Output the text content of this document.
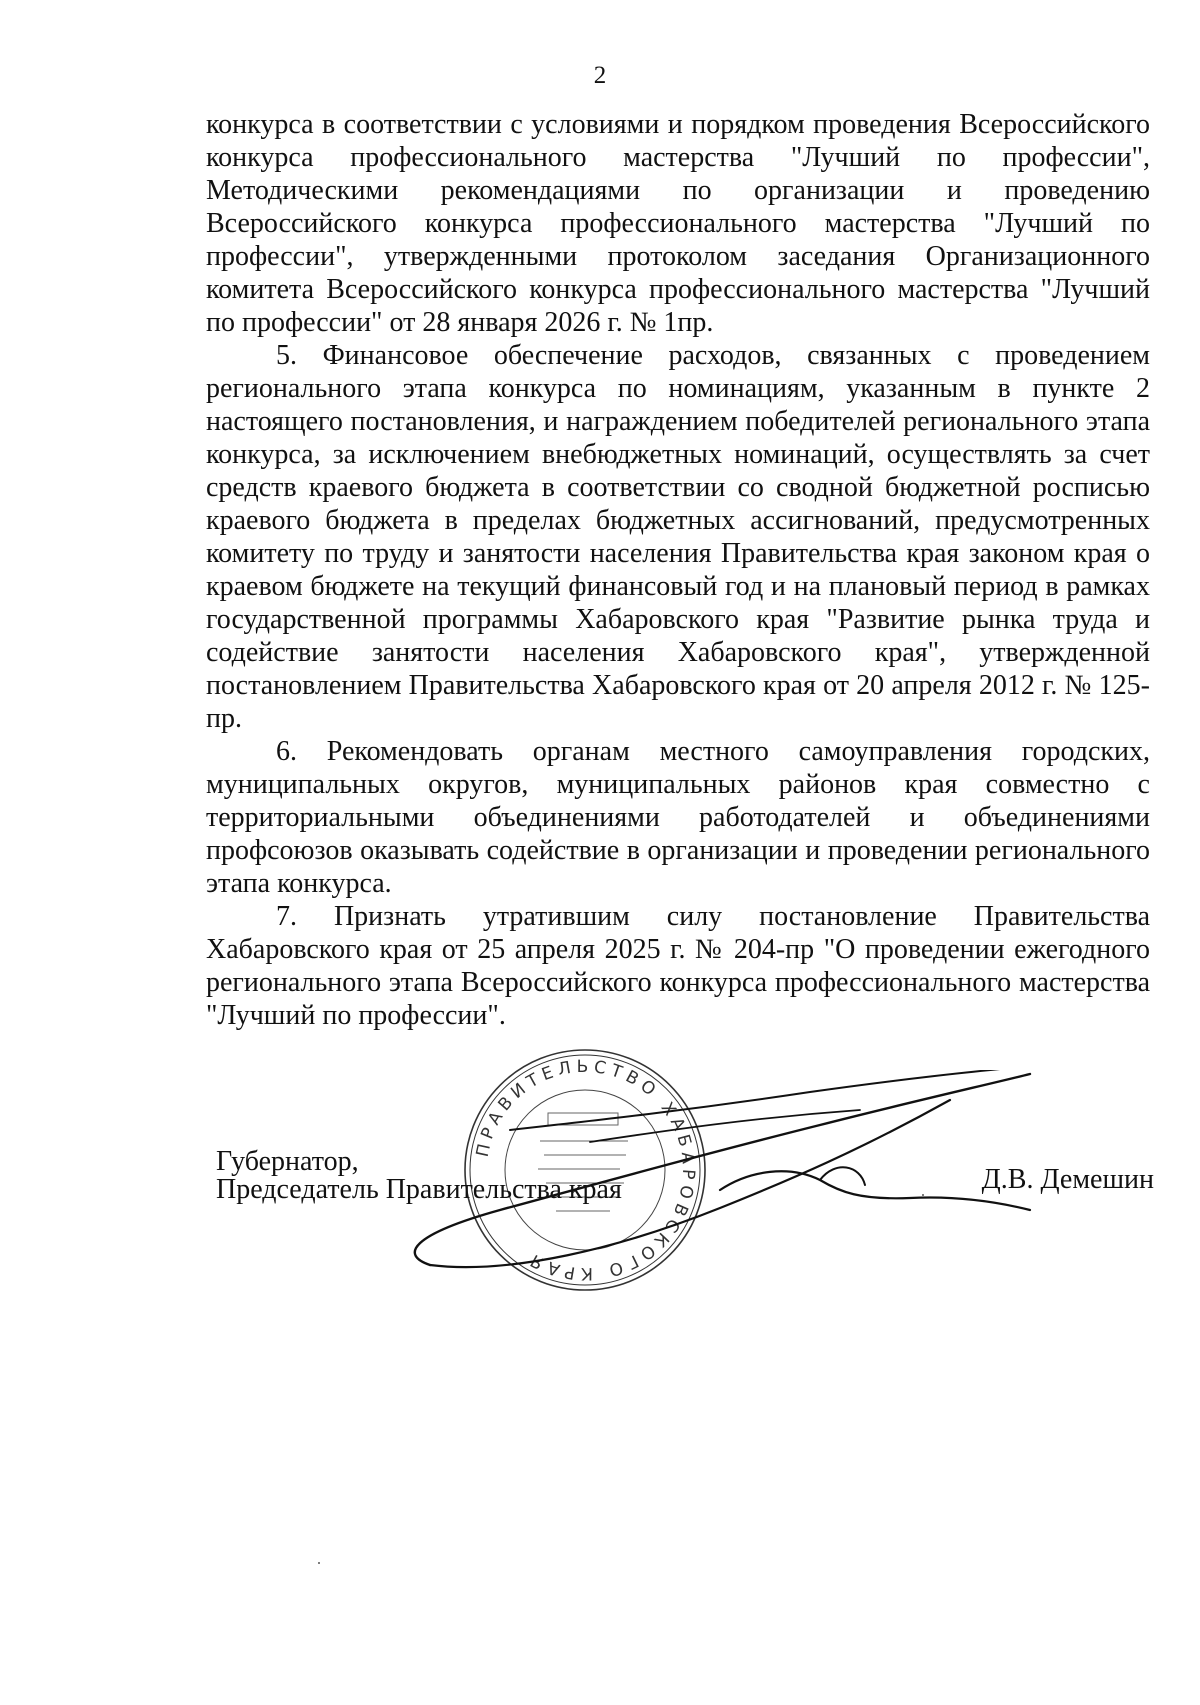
2

конкурса в соответствии с условиями и порядком проведения Всероссийского конкурса профессионального мастерства "Лучший по профессии", Методическими рекомендациями по организации и проведению Всероссийского конкурса профессионального мастерства "Лучший по профессии", утвержденными протоколом заседания Организационного комитета Всероссийского конкурса профессионального мастерства "Лучший по профессии" от 28 января 2026 г. № 1пр.

5. Финансовое обеспечение расходов, связанных с проведением регионального этапа конкурса по номинациям, указанным в пункте 2 настоящего постановления, и награждением победителей регионального этапа конкурса, за исключением внебюджетных номинаций, осуществлять за счет средств краевого бюджета в соответствии со сводной бюджетной росписью краевого бюджета в пределах бюджетных ассигнований, предусмотренных комитету по труду и занятости населения Правительства края законом края о краевом бюджете на текущий финансовый год и на плановый период в рамках государственной программы Хабаровского края "Развитие рынка труда и содействие занятости населения Хабаровского края", утвержденной постановлением Правительства Хабаровского края от 20 апреля 2012 г. № 125-пр.

6. Рекомендовать органам местного самоуправления городских, муниципальных округов, муниципальных районов края совместно с территориальными объединениями работодателей и объединениями профсоюзов оказывать содействие в организации и проведении регионального этапа конкурса.

7. Признать утратившим силу постановление Правительства Хабаровского края от 25 апреля 2025 г. № 204-пр "О проведении ежегодного регионального этапа Всероссийского конкурса профессионального мастерства "Лучший по профессии".

ПРАВИТЕЛЬСТВО ХАБАРОВСКОГО КРАЯ
Губернатор,
Председатель Правительства края	Д.В. Демешин
